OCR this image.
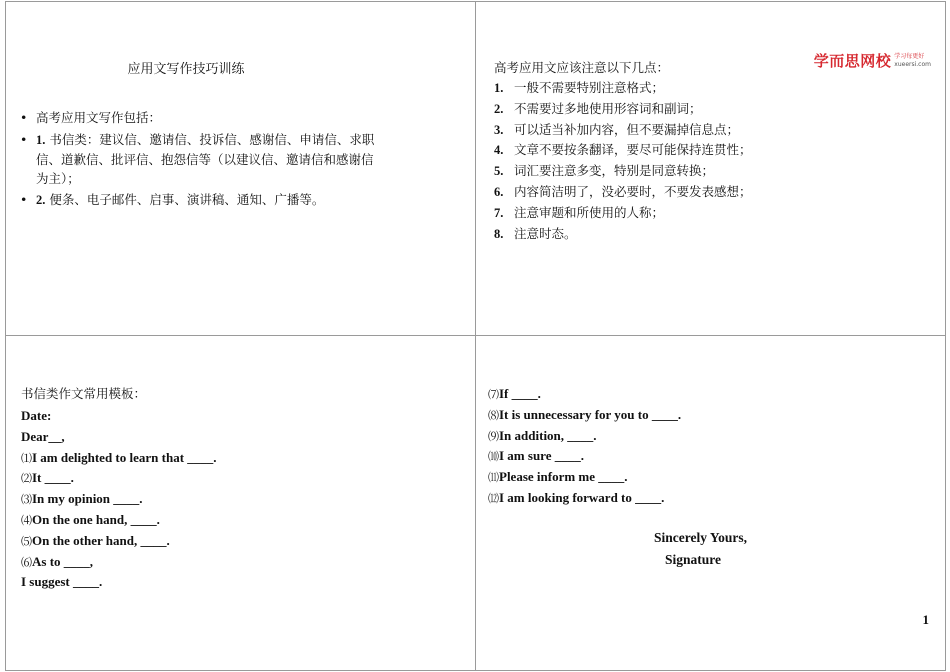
应用文写作技巧训练
• 高考应用文写作包括：
• 1. 书信类：建议信、邀请信、投诉信、感谢信、申请信、求职信、道歉信、批评信、抱怨信等（以建议信、邀请信和感谢信为主）；
• 2. 便条、电子邮件、启事、演讲稿、通知、广播等。
学而思网校 学习每更好
xueersi.com
高考应用文应该注意以下几点：
1. 一般不需要特别注意格式；
2. 不需要过多地使用形容词和副词；
3. 可以适当补加内容，但不要漏掉信息点；
4. 文章不要按条翻译，要尽可能保持连贯性；
5. 词汇要注意多变，特别是同意转换；
6. 内容简洁明了，没必要时，不要发表感想；
7. 注意审题和所使用的人称；
8. 注意时态。
书信类作文常用模板：
Date:
Dear__,
⑴I am delighted to learn that ____.
⑵It ____.
⑶In my opinion ____.
⑷On the one hand, ____.
⑸On the other hand, ____.
⑹As to ____,
I suggest ____.
⑺If ____.
⑻It is unnecessary for you to ____.
⑼In addition, ____.
⑽I am sure ____.
⑾Please inform me ____.
⑿I am looking forward to ____.
Sincerely Yours,
Signature
1
